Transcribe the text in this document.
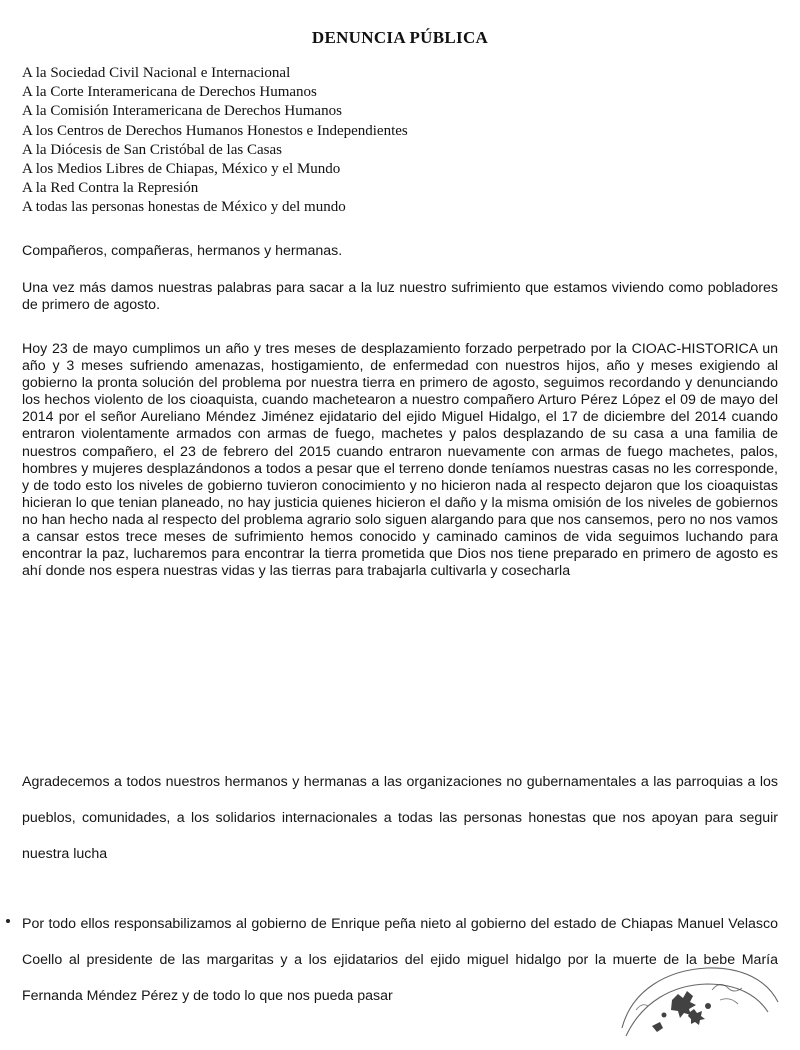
DENUNCIA PÚBLICA
A la Sociedad Civil Nacional e Internacional
A la Corte Interamericana de Derechos Humanos
A la Comisión Interamericana de Derechos Humanos
A los Centros de Derechos Humanos Honestos e Independientes
A la Diócesis de San Cristóbal de las Casas
A los Medios Libres de Chiapas, México y el Mundo
A la Red Contra la Represión
A todas las personas honestas de México y del mundo

Compañeros, compañeras, hermanos y hermanas.

Una vez más damos nuestras palabras para sacar a la luz nuestro sufrimiento que estamos viviendo como pobladores de primero de agosto.

Hoy 23 de mayo cumplimos un año y tres meses de desplazamiento forzado perpetrado por la CIOAC-HISTORICA un año y 3 meses sufriendo amenazas, hostigamiento, de enfermedad con nuestros hijos, año y meses exigiendo al gobierno la pronta solución del problema por nuestra tierra en primero de agosto, seguimos recordando y denunciando los hechos violento de los cioaquista, cuando machetearon a nuestro compañero Arturo Pérez López el 09 de mayo del 2014 por el señor Aureliano Méndez Jiménez ejidatario del ejido Miguel Hidalgo, el 17 de diciembre del 2014 cuando entraron violentamente armados con armas de fuego, machetes y palos desplazando de su casa a una familia de nuestros compañero, el 23 de febrero del 2015 cuando entraron nuevamente con armas de fuego machetes, palos, hombres y mujeres desplazándonos a todos a pesar que el terreno donde teníamos nuestras casas no les corresponde, y de todo esto los niveles de gobierno tuvieron conocimiento y no hicieron nada al respecto dejaron que los cioaquistas hicieran lo que tenian planeado, no hay justicia quienes hicieron el daño y la misma omisión de los niveles de gobiernos no han hecho nada al respecto del problema agrario solo siguen alargando para que nos cansemos, pero no nos vamos a cansar estos trece meses de sufrimiento hemos conocido y caminado caminos de vida seguimos luchando para encontrar la paz, lucharemos para encontrar la tierra prometida que Dios nos tiene preparado en primero de agosto es ahí donde nos espera nuestras vidas y las tierras para trabajarla cultivarla y cosecharla

Agradecemos a todos nuestros hermanos y hermanas a las organizaciones no gubernamentales a las parroquias a los pueblos, comunidades, a los solidarios internacionales a todas las personas honestas que nos apoyan para seguir nuestra lucha

Por todo ellos responsabilizamos al gobierno de Enrique peña nieto al gobierno del estado de Chiapas Manuel Velasco Coello al presidente de las margaritas y a los ejidatarios del ejido miguel hidalgo por la muerte de la bebe María Fernanda Méndez Pérez y de todo lo que nos pueda pasar
